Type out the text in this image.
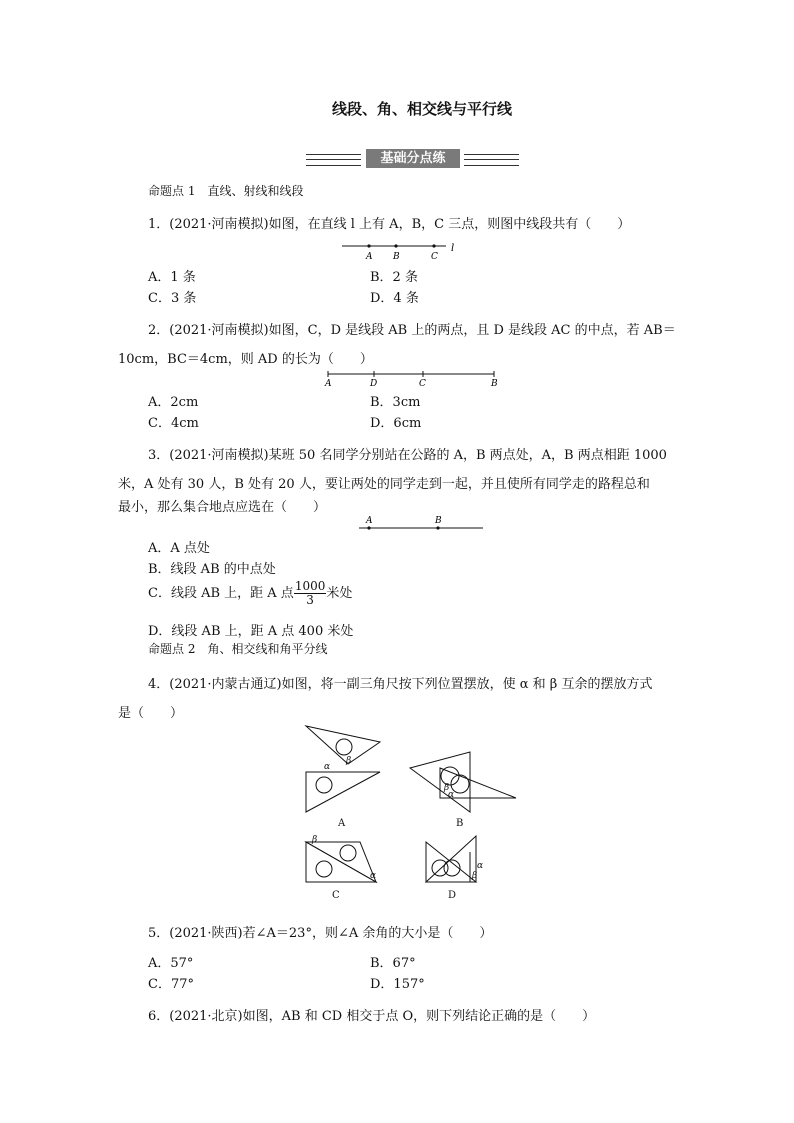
线段、角、相交线与平行线
基础分点练
命题点 1　直线、射线和线段
1．(2021·河南模拟)如图，在直线 l 上有 A，B，C 三点，则图中线段共有（　　）
l
A B	C
A．1 条	B．2 条
C．3 条	D．4 条
2．(2021·河南模拟)如图，C，D 是线段 AB 上的两点，且 D 是线段 AC 的中点，若 AB＝
10cm，BC＝4cm，则 AD 的长为（　　）
A	D	C	B
A．2cm	B．3cm
C．4cm	D．6cm
3．(2021·河南模拟)某班 50 名同学分别站在公路的 A，B 两点处，A，B 两点相距 1000
米，A 处有 30 人，B 处有 20 人，要让两处的同学走到一起，并且使所有同学走的路程总和
最小，那么集合地点应选在（　　）
A	B
A．A 点处
B．线段 AB 的中点处
C．线段 AB 上，距 A 点 $\frac{1000}{3}$ 米处
D．线段 AB 上，距 A 点 400 米处
命题点 2　角、相交线和角平分线
4．(2021·内蒙古通辽)如图，将一副三角尺按下列位置摆放，使 α 和 β 互余的摆放方式
是（　　）
α
β
β
α
β
α
α
β
A	B
C	D
5．(2021·陕西)若∠A＝23°，则∠A 余角的大小是（　　）
A．57°	B．67°
C．77°	D．157°
6．(2021·北京)如图，AB 和 CD 相交于点 O，则下列结论正确的是（　　）
